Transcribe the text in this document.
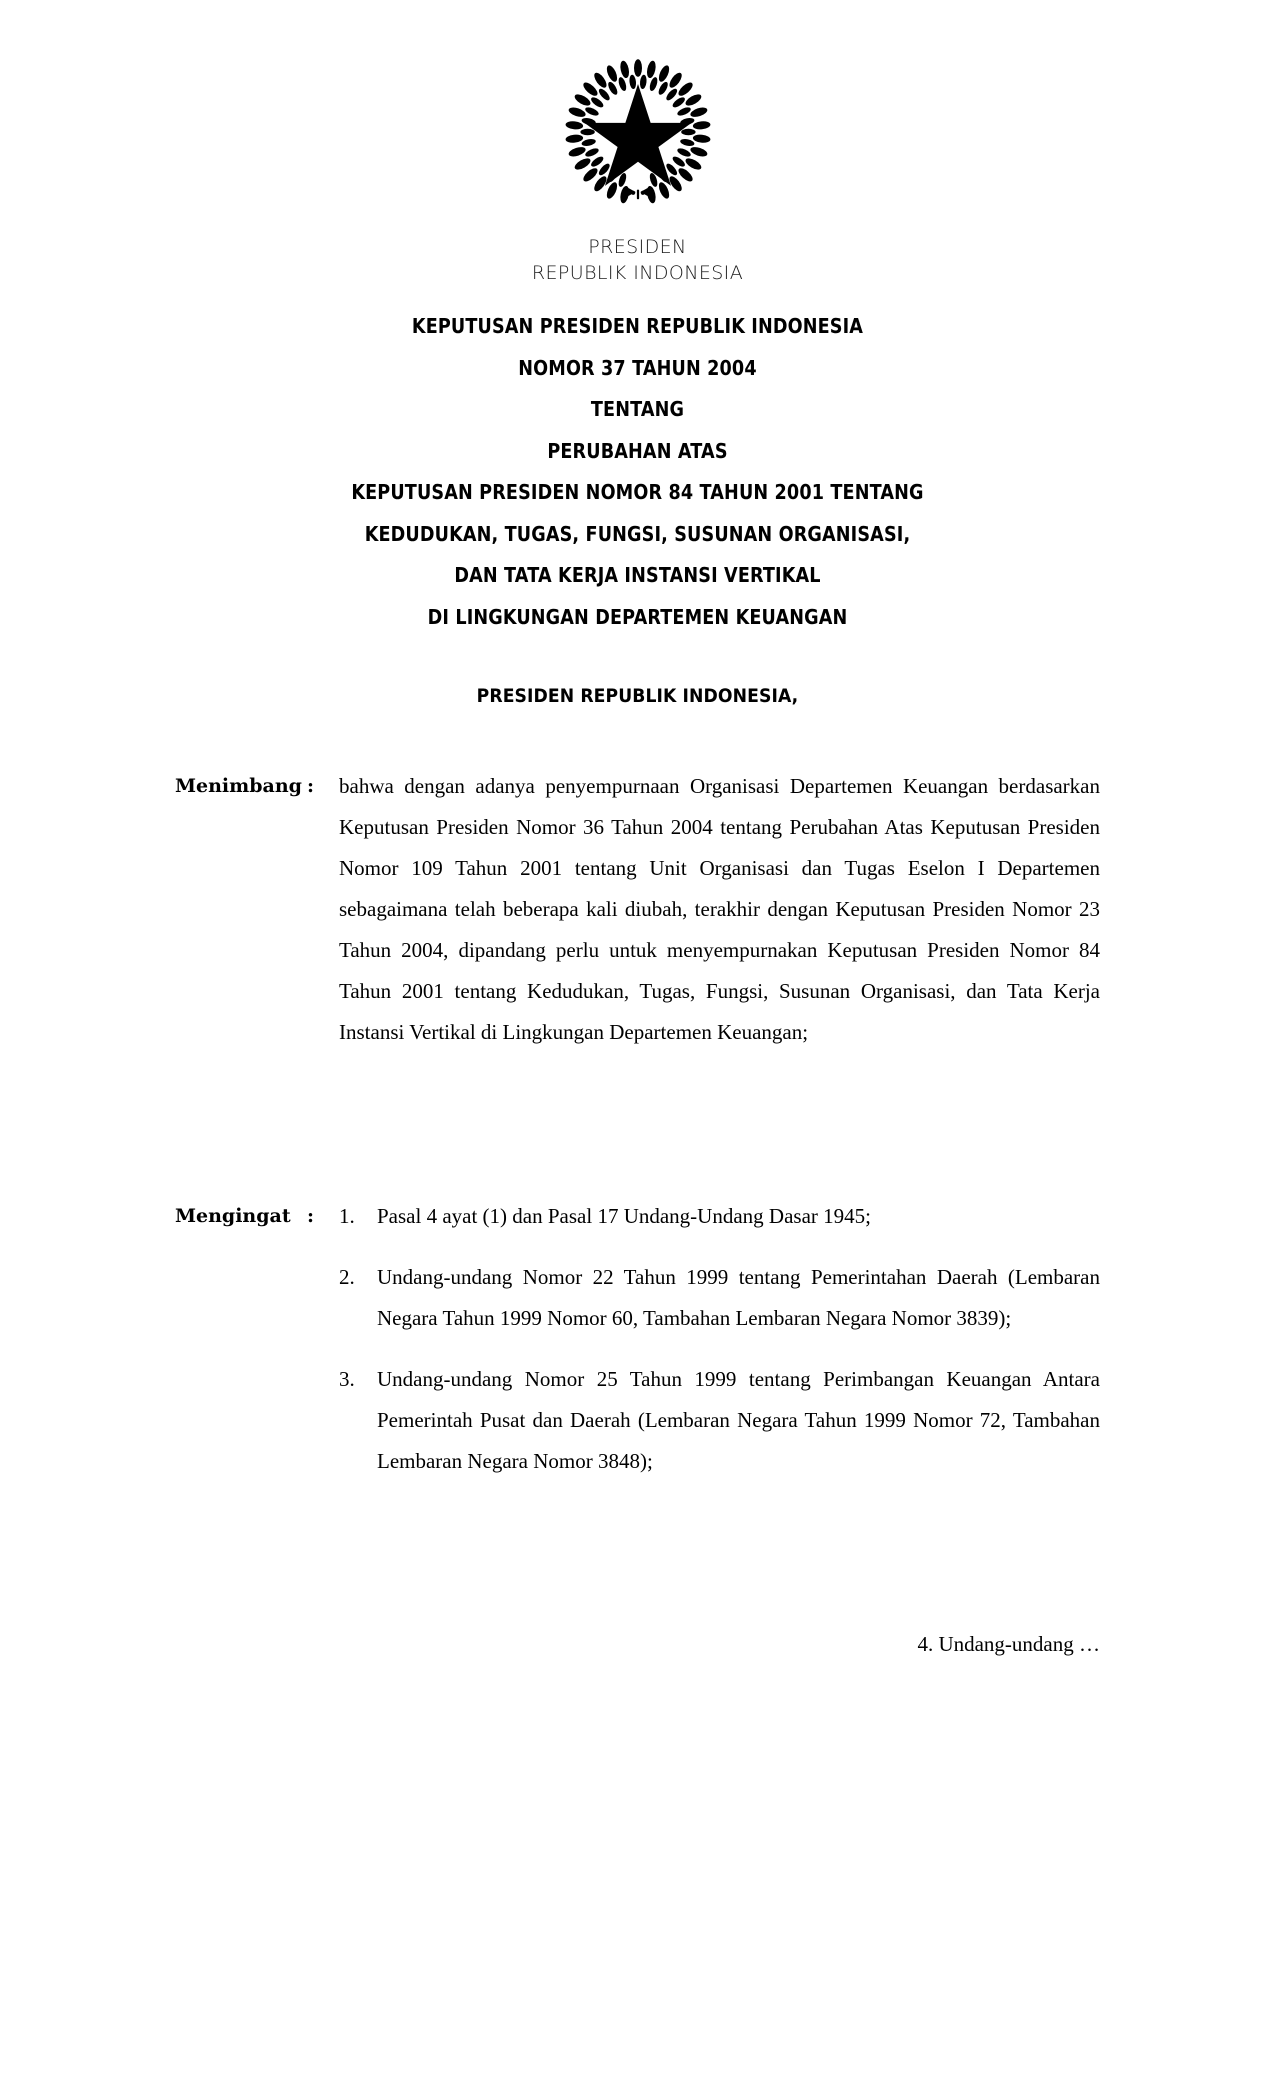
PRESIDEN
REPUBLIK INDONESIA
KEPUTUSAN PRESIDEN REPUBLIK INDONESIA
NOMOR 37 TAHUN 2004
TENTANG
PERUBAHAN ATAS
KEPUTUSAN PRESIDEN NOMOR 84 TAHUN 2001 TENTANG
KEDUDUKAN, TUGAS, FUNGSI, SUSUNAN ORGANISASI,
DAN TATA KERJA INSTANSI VERTIKAL
DI LINGKUNGAN DEPARTEMEN KEUANGAN
PRESIDEN REPUBLIK INDONESIA,
Menimbang :	bahwa dengan adanya penyempurnaan Organisasi Departemen Keuangan berdasarkan Keputusan Presiden Nomor 36 Tahun 2004 tentang Perubahan Atas Keputusan Presiden Nomor 109 Tahun 2001 tentang Unit Organisasi dan Tugas Eselon I Departemen sebagaimana telah beberapa kali diubah, terakhir dengan Keputusan Presiden Nomor 23 Tahun 2004, dipandang perlu untuk menyempurnakan Keputusan Presiden Nomor 84 Tahun 2001 tentang Kedudukan, Tugas, Fungsi, Susunan Organisasi, dan Tata Kerja Instansi Vertikal di Lingkungan Departemen Keuangan;

Mengingat :	1.	Pasal 4 ayat (1) dan Pasal 17 Undang-Undang Dasar 1945;

2.	Undang-undang Nomor 22 Tahun 1999 tentang Pemerintahan Daerah (Lembaran Negara Tahun 1999 Nomor 60, Tambahan Lembaran Negara Nomor 3839);

3.	Undang-undang Nomor 25 Tahun 1999 tentang Perimbangan Keuangan Antara Pemerintah Pusat dan Daerah (Lembaran Negara Tahun 1999 Nomor 72, Tambahan Lembaran Negara Nomor 3848);

4. Undang-undang …
